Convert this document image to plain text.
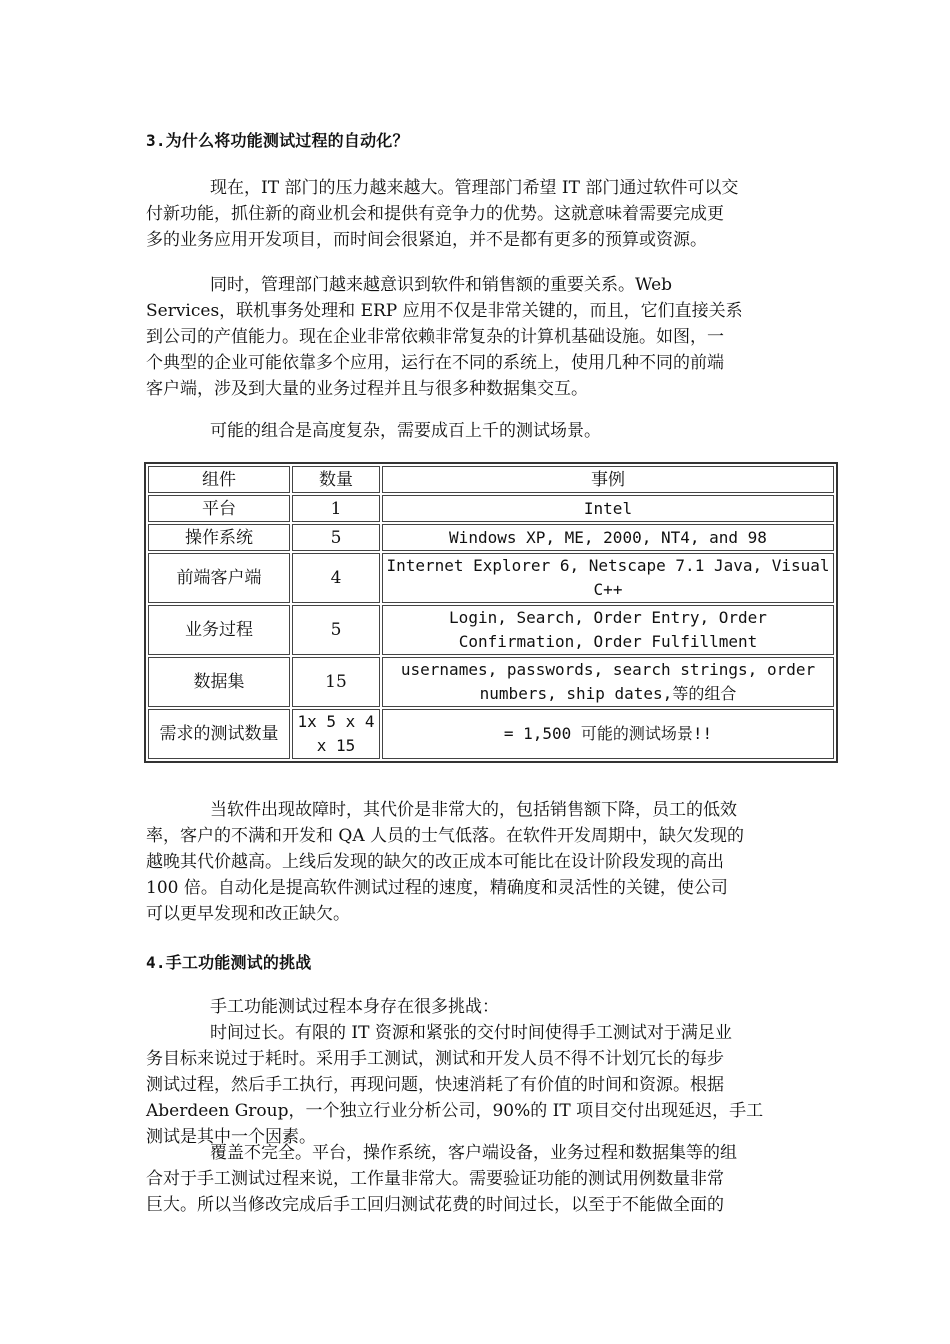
3.为什么将功能测试过程的自动化？
现在，IT 部门的压力越来越大。管理部门希望 IT 部门通过软件可以交
付新功能，抓住新的商业机会和提供有竞争力的优势。这就意味着需要完成更
多的业务应用开发项目，而时间会很紧迫，并不是都有更多的预算或资源。
同时，管理部门越来越意识到软件和销售额的重要关系。Web
Services，联机事务处理和 ERP 应用不仅是非常关键的，而且，它们直接关系
到公司的产值能力。现在企业非常依赖非常复杂的计算机基础设施。如图，一
个典型的企业可能依靠多个应用，运行在不同的系统上，使用几种不同的前端
客户端，涉及到大量的业务过程并且与很多种数据集交互。
可能的组合是高度复杂，需要成百上千的测试场景。
组件	数量	事例
平台	1	Intel
操作系统	5	Windows XP, ME, 2000, NT4, and 98
前端客户端	4	Internet Explorer 6, Netscape 7.1 Java, Visual C++
业务过程	5	Login, Search, Order Entry, Order Confirmation, Order Fulfillment
数据集	15	usernames, passwords, search strings, order numbers, ship dates,等的组合
需求的测试数量	1x 5 x 4 x 15	= 1,500 可能的测试场景!!
当软件出现故障时，其代价是非常大的，包括销售额下降，员工的低效
率，客户的不满和开发和 QA 人员的士气低落。在软件开发周期中，缺欠发现的
越晚其代价越高。上线后发现的缺欠的改正成本可能比在设计阶段发现的高出
100 倍。自动化是提高软件测试过程的速度，精确度和灵活性的关键，使公司
可以更早发现和改正缺欠。
4.手工功能测试的挑战
手工功能测试过程本身存在很多挑战：
时间过长。有限的 IT 资源和紧张的交付时间使得手工测试对于满足业
务目标来说过于耗时。采用手工测试，测试和开发人员不得不计划冗长的每步
测试过程，然后手工执行，再现问题，快速消耗了有价值的时间和资源。根据
Aberdeen Group，一个独立行业分析公司，90%的 IT 项目交付出现延迟，手工
测试是其中一个因素。
覆盖不完全。平台，操作系统，客户端设备，业务过程和数据集等的组
合对于手工测试过程来说，工作量非常大。需要验证功能的测试用例数量非常
巨大。所以当修改完成后手工回归测试花费的时间过长，以至于不能做全面的
